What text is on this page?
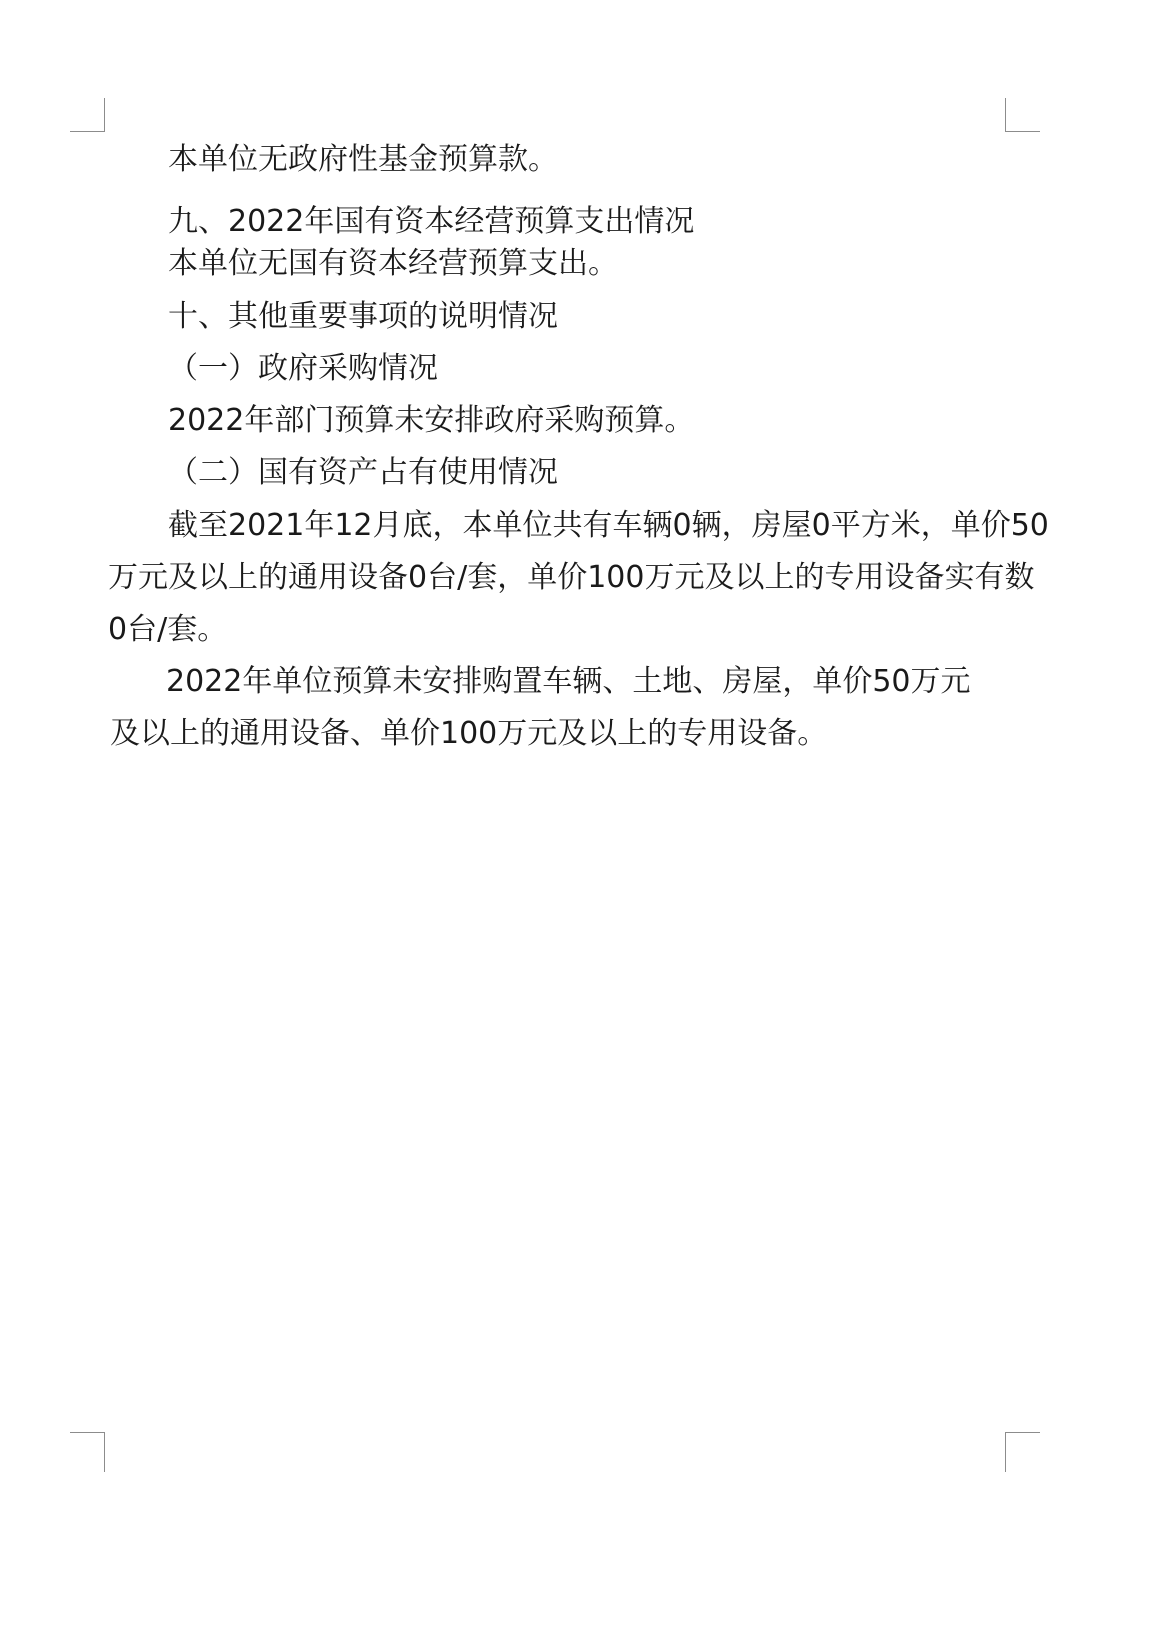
本单位无政府性基金预算款。
九、2022年国有资本经营预算支出情况
本单位无国有资本经营预算支出。
十、其他重要事项的说明情况
（一）政府采购情况
2022年部门预算未安排政府采购预算。
（二）国有资产占有使用情况
截至2021年12月底，本单位共有车辆0辆，房屋0平方米，单价50
万元及以上的通用设备0台/套，单价100万元及以上的专用设备实有数
0台/套。
2022年单位预算未安排购置车辆、土地、房屋，单价50万元
及以上的通用设备、单价100万元及以上的专用设备。
